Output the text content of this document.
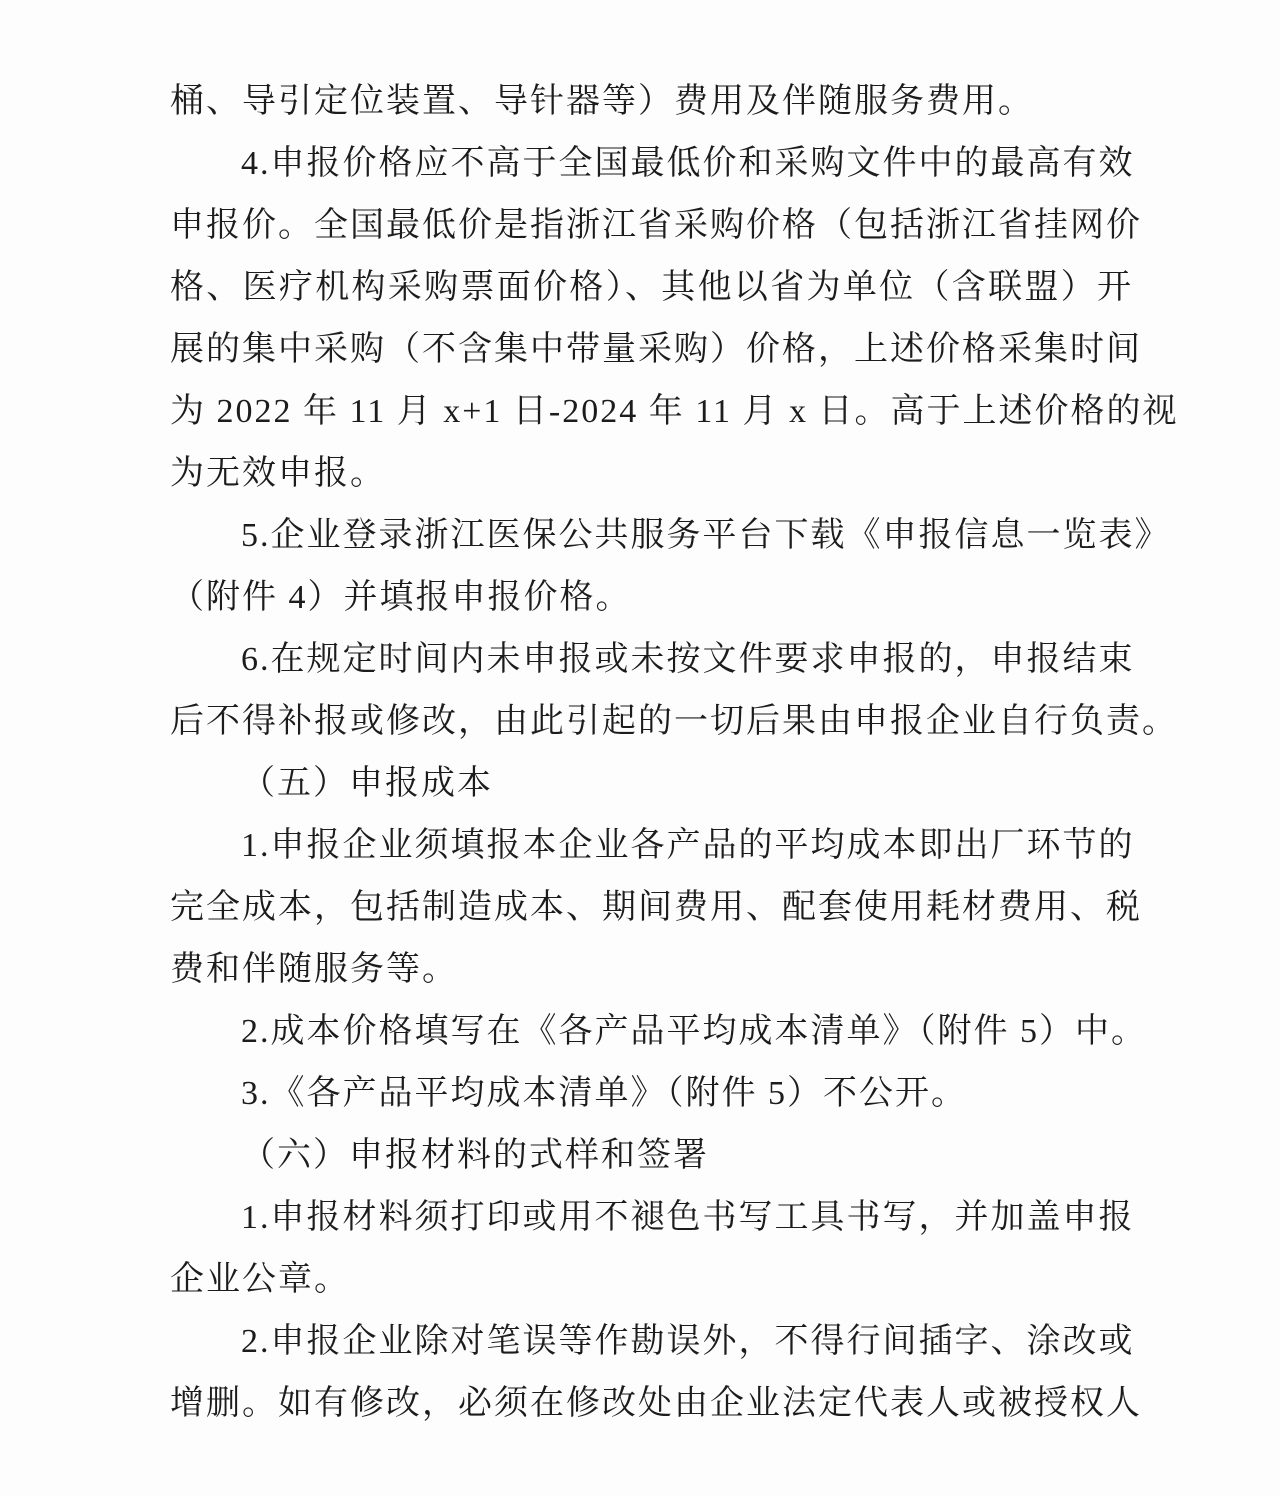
桶、导引定位装置、导针器等）费用及伴随服务费用。
4.申报价格应不高于全国最低价和采购文件中的最高有效
申报价。全国最低价是指浙江省采购价格（包括浙江省挂网价
格、医疗机构采购票面价格）、其他以省为单位（含联盟）开
展的集中采购（不含集中带量采购）价格，上述价格采集时间
为 2022 年 11 月 x+1 日-2024 年 11 月 x 日。高于上述价格的视
为无效申报。
5.企业登录浙江医保公共服务平台下载《申报信息一览表》
（附件 4）并填报申报价格。
6.在规定时间内未申报或未按文件要求申报的，申报结束
后不得补报或修改，由此引起的一切后果由申报企业自行负责。
（五）申报成本
1.申报企业须填报本企业各产品的平均成本即出厂环节的
完全成本，包括制造成本、期间费用、配套使用耗材费用、税
费和伴随服务等。
2.成本价格填写在《各产品平均成本清单》（附件 5）中。
3.《各产品平均成本清单》（附件 5）不公开。
（六）申报材料的式样和签署
1.申报材料须打印或用不褪色书写工具书写，并加盖申报
企业公章。
2.申报企业除对笔误等作勘误外，不得行间插字、涂改或
增删。如有修改，必须在修改处由企业法定代表人或被授权人
